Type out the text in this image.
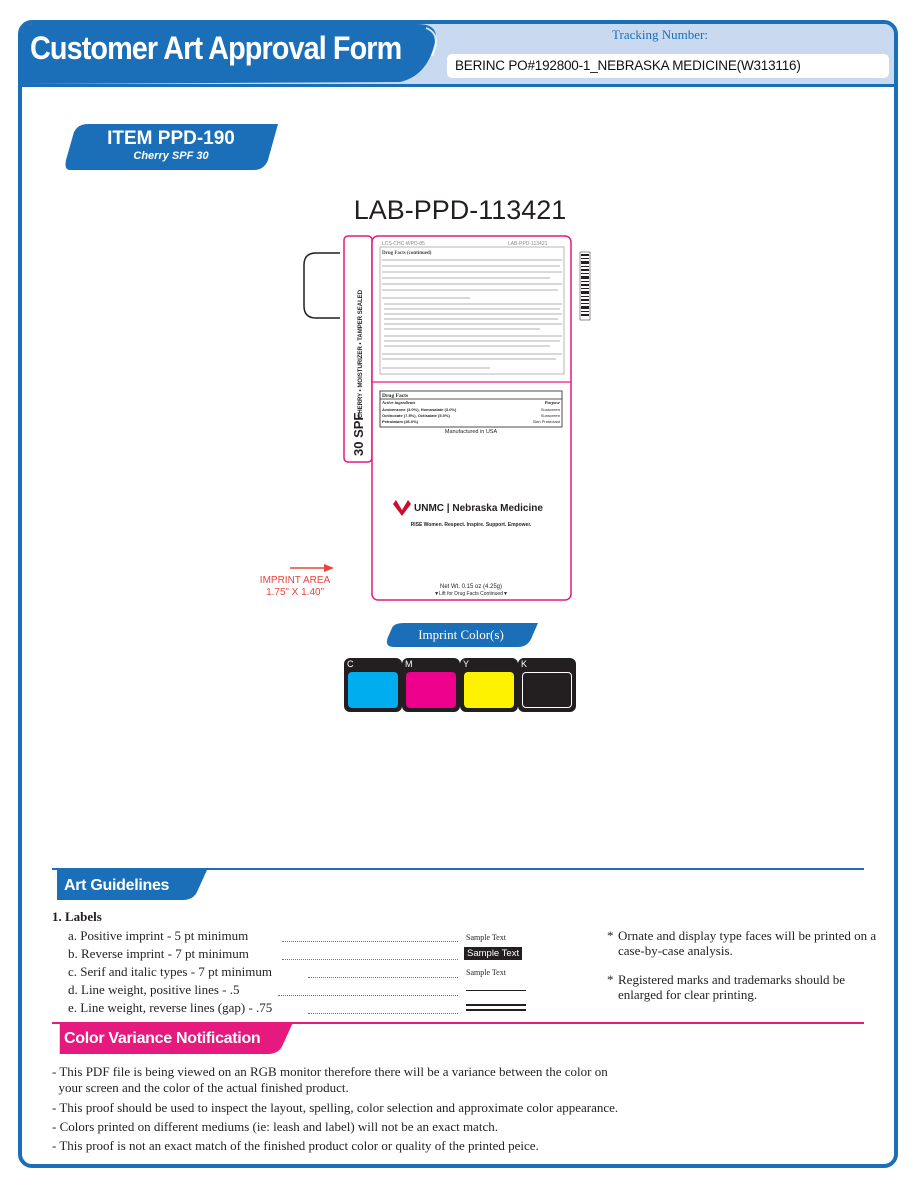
Customer Art Approval Form	Tracking Number:
BERINC PO#192800-1_NEBRASKA MEDICINE(W313116)
ITEM PPD-190
Cherry SPF 30
LAB-PPD-113421
CHERRY • MOISTURIZER • TAMPER SEALED
30 SPF
LCS-CHC-WPD-85	LAB-PPD-113421
Drug Facts (continued)
Drug Facts
Active ingredients	Purpose
Avobenzone (3.0%), Homosalate (3.0%)	Sunscreen
Octinoxate (7.5%), Octisalate (5.0%)	Sunscreen
Petrolatum (46.0%)	Skin Protectant
Manufactured in USA
UNMC | Nebraska Medicine
RISE Women. Respect. Inspire. Support. Empower.
Net Wt. 0.15 oz (4.25g)
▼Lift for Drug Facts Continued▼
IMPRINT AREA
1.75” X 1.40”
Imprint Color(s)
C	M	Y	K
Art Guidelines
1. Labels
a. Positive imprint - 5 pt minimum	Sample Text
b. Reverse imprint - 7 pt minimum	Sample Text
c. Serif and italic types - 7 pt minimum	Sample Text
d. Line weight, positive lines - .5
e. Line weight, reverse lines (gap) - .75
* Ornate and display type faces will be printed on a case-by-case analysis.
* Registered marks and trademarks should be enlarged for clear printing.
Color Variance Notification
- This PDF file is being viewed on an RGB monitor therefore there will be a variance between the color on
your screen and the color of the actual finished product.
- This proof should be used to inspect the layout, spelling, color selection and approximate color appearance.
- Colors printed on different mediums (ie: leash and label) will not be an exact match.
- This proof is not an exact match of the finished product color or quality of the printed peice.
